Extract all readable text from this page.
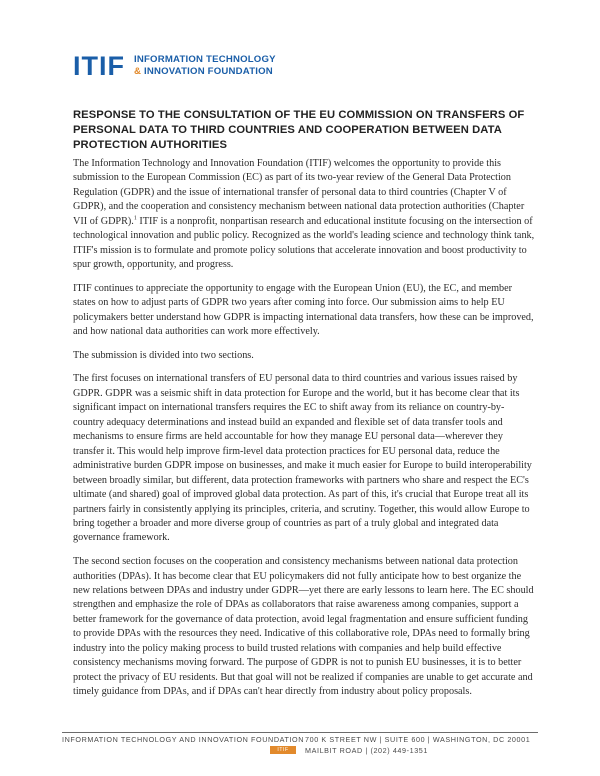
ITIF INFORMATION TECHNOLOGY
& INNOVATION FOUNDATION
RESPONSE TO THE CONSULTATION OF THE EU COMMISSION ON TRANSFERS OF
PERSONAL DATA TO THIRD COUNTRIES AND COOPERATION BETWEEN DATA
PROTECTION AUTHORITIES

The Information Technology and Innovation Foundation (ITIF) welcomes the opportunity to provide this submission to the European Commission (EC) as part of its two-year review of the General Data Protection Regulation (GDPR) and the issue of international transfer of personal data to third countries (Chapter V of GDPR), and the cooperation and consistency mechanism between national data protection authorities (Chapter VII of GDPR).$^1$ ITIF is a nonprofit, nonpartisan research and educational institute focusing on the intersection of technological innovation and public policy. Recognized as the world's leading science and technology think tank, ITIF's mission is to formulate and promote policy solutions that accelerate innovation and boost productivity to spur growth, opportunity, and progress.

ITIF continues to appreciate the opportunity to engage with the European Union (EU), the EC, and member states on how to adjust parts of GDPR two years after coming into force. Our submission aims to help EU policymakers better understand how GDPR is impacting international data transfers, how these can be improved, and how national data authorities can work more effectively.

The submission is divided into two sections.

The first focuses on international transfers of EU personal data to third countries and various issues raised by GDPR. GDPR was a seismic shift in data protection for Europe and the world, but it has become clear that its significant impact on international transfers requires the EC to shift away from its reliance on country-by-country adequacy determinations and instead build an expanded and flexible set of data transfer tools and mechanisms to ensure firms are held accountable for how they manage EU personal data—wherever they transfer it. This would help improve firm-level data protection practices for EU personal data, reduce the administrative burden GDPR impose on businesses, and make it much easier for Europe to build interoperability between broadly similar, but different, data protection frameworks with partners who share and respect the EC's ultimate (and shared) goal of improved global data protection. As part of this, it's crucial that Europe treat all its partners fairly in consistently applying its principles, criteria, and scrutiny. Together, this would allow Europe to bring together a broader and more diverse group of countries as part of a truly global and integrated data governance framework.

The second section focuses on the cooperation and consistency mechanisms between national data protection authorities (DPAs). It has become clear that EU policymakers did not fully anticipate how to best organize the new relations between DPAs and industry under GDPR—yet there are early lessons to learn here. The EC should strengthen and emphasize the role of DPAs as collaborators that raise awareness among companies, support a better framework for the governance of data protection, avoid legal fragmentation and ensure sufficient funding to provide DPAs with the resources they need. Indicative of this collaborative role, DPAs need to formally bring industry into the policy making process to build trusted relations with companies and help build effective consistency mechanisms moving forward. The purpose of GDPR is not to punish EU businesses, it is to better protect the privacy of EU residents. But that goal will not be realized if companies are unable to get accurate and timely guidance from DPAs, and if DPAs can't hear directly from industry about policy proposals.

INFORMATION TECHNOLOGY AND INNOVATION FOUNDATION 700 K STREET NW | SUITE 600 | WASHINGTON, DC 20001
ITIF	MAILBIT ROAD | (202) 449-1351
